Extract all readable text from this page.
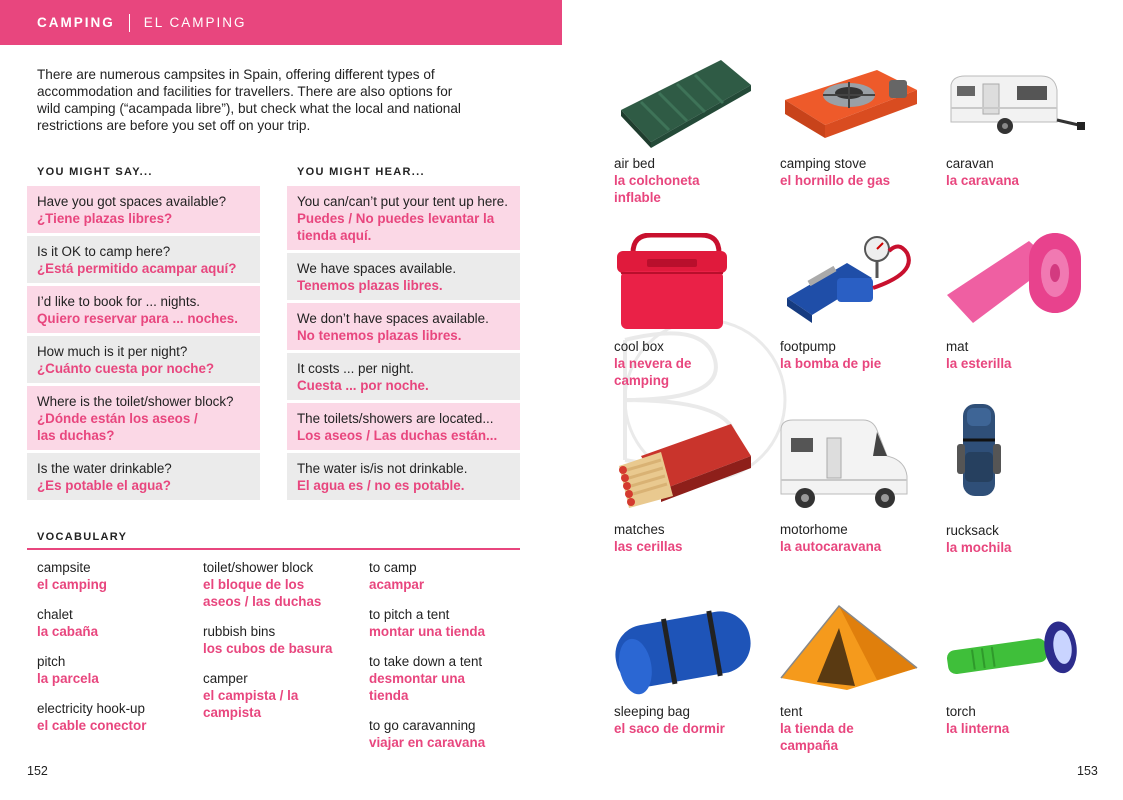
CAMPING EL CAMPING

There are numerous campsites in Spain, offering different types of accommodation and facilities for travellers. There are also options for wild camping (“acampada libre”), but check what the local and national restrictions are before you set off on your trip.

YOU MIGHT SAY...	YOU MIGHT HEAR...
Have you got spaces available?
¿Tiene plazas libres?
Is it OK to camp here?
¿Está permitido acampar aquí?
I’d like to book for ... nights.
Quiero reservar para ... noches.
How much is it per night?
¿Cuánto cuesta por noche?
Where is the toilet/shower block?
¿Dónde están los aseos / las duchas?
Is the water drinkable?
¿Es potable el agua?
You can/can’t put your tent up here.
Puedes / No puedes levantar la tienda aquí.
We have spaces available.
Tenemos plazas libres.
We don’t have spaces available.
No tenemos plazas libres.
It costs ... per night.
Cuesta ... por noche.
The toilets/showers are located...
Los aseos / Las duchas están...
The water is/is not drinkable.
El agua es / no es potable.
VOCABULARY
campsite
el camping
chalet
la cabaña
pitch
la parcela
electricity hook-up
el cable conector
toilet/shower block
el bloque de los aseos / las duchas
rubbish bins
los cubos de basura
camper
el campista / la campista
to camp
acampar
to pitch a tent
montar una tienda
to take down a tent
desmontar una tienda
to go caravanning
viajar en caravana
152	153
air bed
la colchoneta inflable
camping stove
el hornillo de gas
caravan
la caravana
cool box
la nevera de camping
footpump
la bomba de pie
mat
la esterilla
matches
las cerillas
motorhome
la autocaravana
rucksack
la mochila
sleeping bag
el saco de dormir
tent
la tienda de campaña
torch
la linterna
